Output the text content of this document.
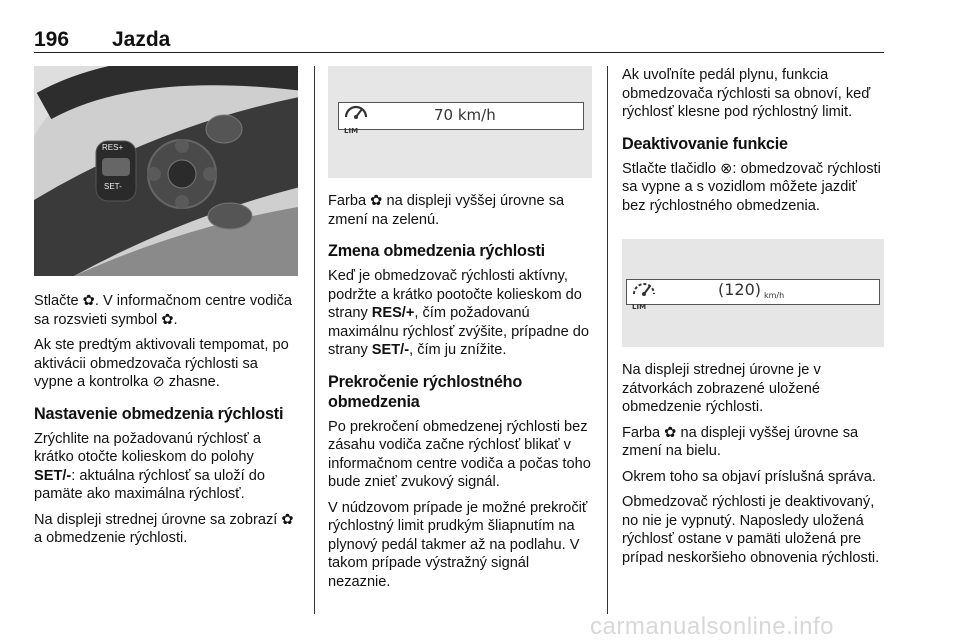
196 Jazda
RES+
SET-

Stlačte ✿. V informačnom centre vodiča sa rozsvieti symbol ✿.

Ak ste predtým aktivovali tempomat, po aktivácii obmedzovača rýchlosti sa vypne a kontrolka ⊘ zhasne.

Nastavenie obmedzenia rýchlosti

Zrýchlite na požadovanú rýchlosť a krátko otočte kolieskom do polohy SET/-: aktuálna rýchlosť sa uloží do pamäte ako maximálna rýchlosť.

Na displeji strednej úrovne sa zobrazí ✿ a obmedzenie rýchlosti.

LIM
70 km/h

Farba ✿ na displeji vyššej úrovne sa zmení na zelenú.

Zmena obmedzenia rýchlosti

Keď je obmedzovač rýchlosti aktívny, podržte a krátko pootočte kolieskom do strany RES/+, čím požadovanú maximálnu rýchlosť zvýšite, prípadne do strany SET/-, čím ju znížite.

Prekročenie rýchlostného obmedzenia

Po prekročení obmedzenej rýchlosti bez zásahu vodiča začne rýchlosť blikať v informačnom centre vodiča a počas toho bude znieť zvukový signál.

V núdzovom prípade je možné prekročiť rýchlostný limit prudkým šliapnutím na plynový pedál takmer až na podlahu. V takom prípade výstražný signál nezaznie.

Ak uvoľníte pedál plynu, funkcia obmedzovača rýchlosti sa obnoví, keď rýchlosť klesne pod rýchlostný limit.

Deaktivovanie funkcie

Stlačte tlačidlo ⊗: obmedzovač rýchlosti sa vypne a s vozidlom môžete jazdiť bez rýchlostného obmedzenia.

LIM
(120) km/h

Na displeji strednej úrovne je v zátvorkách zobrazené uložené obmedzenie rýchlosti.

Farba ✿ na displeji vyššej úrovne sa zmení na bielu.

Okrem toho sa objaví príslušná správa.

Obmedzovač rýchlosti je deaktivovaný, no nie je vypnutý. Naposledy uložená rýchlosť ostane v pamäti uložená pre prípad neskoršieho obnovenia rýchlosti.

carmanualsonline.info
